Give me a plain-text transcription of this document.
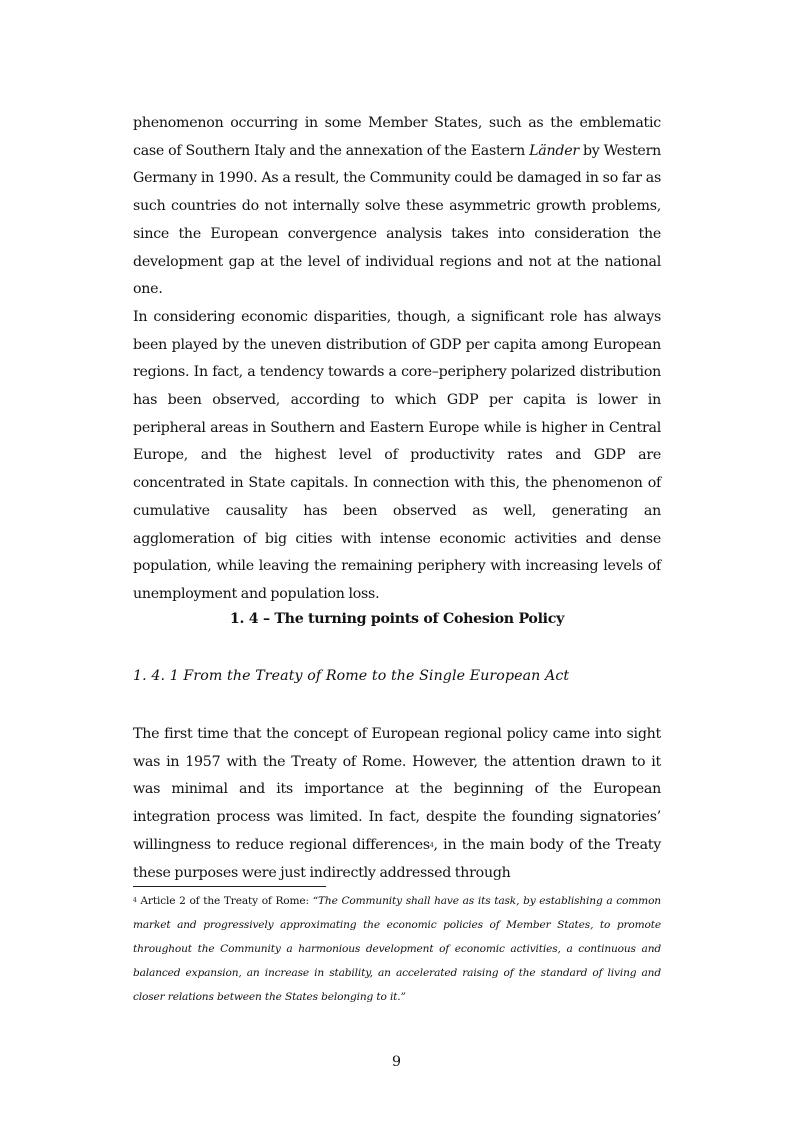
phenomenon occurring in some Member States, such as the emblematic case of Southern Italy and the annexation of the Eastern Länder by Western Germany in 1990. As a result, the Community could be damaged in so far as such countries do not internally solve these asymmetric growth problems, since the European convergence analysis takes into consideration the development gap at the level of individual regions and not at the national one.

In considering economic disparities, though, a significant role has always been played by the uneven distribution of GDP per capita among European regions. In fact, a tendency towards a core–periphery polarized distribution has been observed, according to which GDP per capita is lower in peripheral areas in Southern and Eastern Europe while is higher in Central Europe, and the highest level of productivity rates and GDP are concentrated in State capitals. In connection with this, the phenomenon of cumulative causality has been observed as well, generating an agglomeration of big cities with intense economic activities and dense population, while leaving the remaining periphery with increasing levels of unemployment and population loss.

1. 4 – The turning points of Cohesion Policy
1. 4. 1 From the Treaty of Rome to the Single European Act

The first time that the concept of European regional policy came into sight was in 1957 with the Treaty of Rome. However, the attention drawn to it was minimal and its importance at the beginning of the European integration process was limited. In fact, despite the founding signatories’ willingness to reduce regional differences$^4$, in the main body of the Treaty these purposes were just indirectly addressed through

$^4$ Article 2 of the Treaty of Rome: “The Community shall have as its task, by establishing a common market and progressively approximating the economic policies of Member States, to promote throughout the Community a harmonious development of economic activities, a continuous and balanced expansion, an increase in stability, an accelerated raising of the standard of living and closer relations between the States belonging to it.”
9
